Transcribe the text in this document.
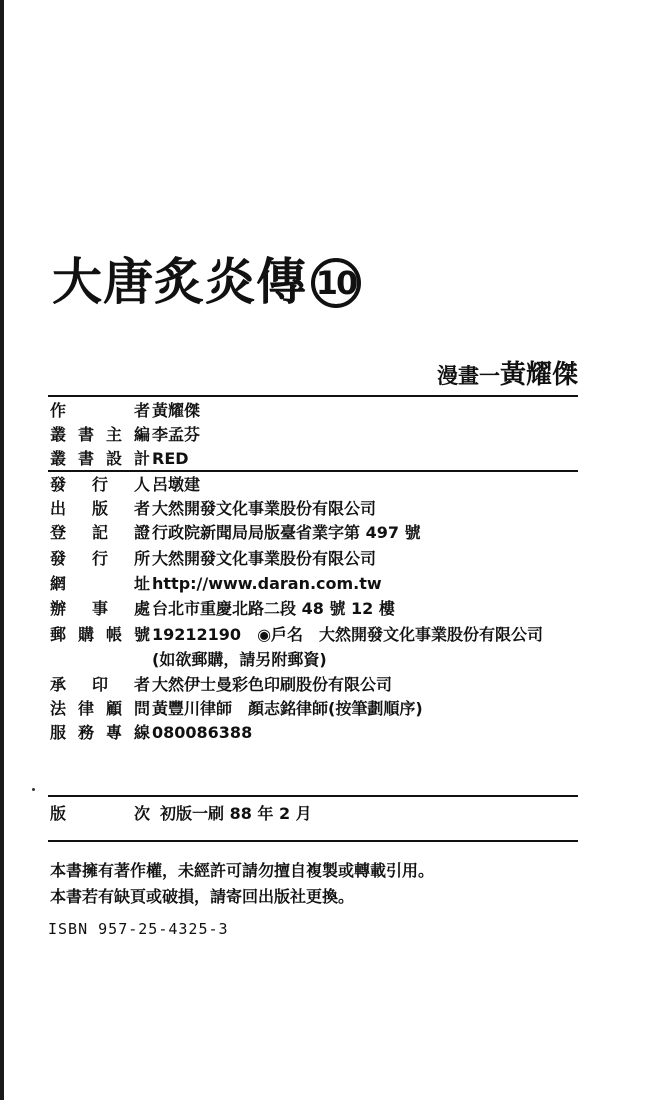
大唐炙炎傳 10
漫畫一黃耀傑
作　者 黃耀傑
叢書主編 李孟芬
叢書設計 RED
發行人 呂墩建
出版者 大然開發文化事業股份有限公司
登記證 行政院新聞局局版臺省業字第 497 號
發行所 大然開發文化事業股份有限公司
網　址 http://www.daran.com.tw
辦事處 台北市重慶北路二段 48 號 12 樓
郵購帳號 19212190　◉戶名　大然開發文化事業股份有限公司
(如欲郵購，請另附郵資)
承印者 大然伊士曼彩色印刷股份有限公司
法律顧問 黃豐川律師　顏志銘律師(按筆劃順序)
服務專線 080086388
版　次 初版一刷 88 年 2 月
本書擁有著作權，未經許可請勿擅自複製或轉載引用。
本書若有缺頁或破損，請寄回出版社更換。
ISBN 957-25-4325-3
